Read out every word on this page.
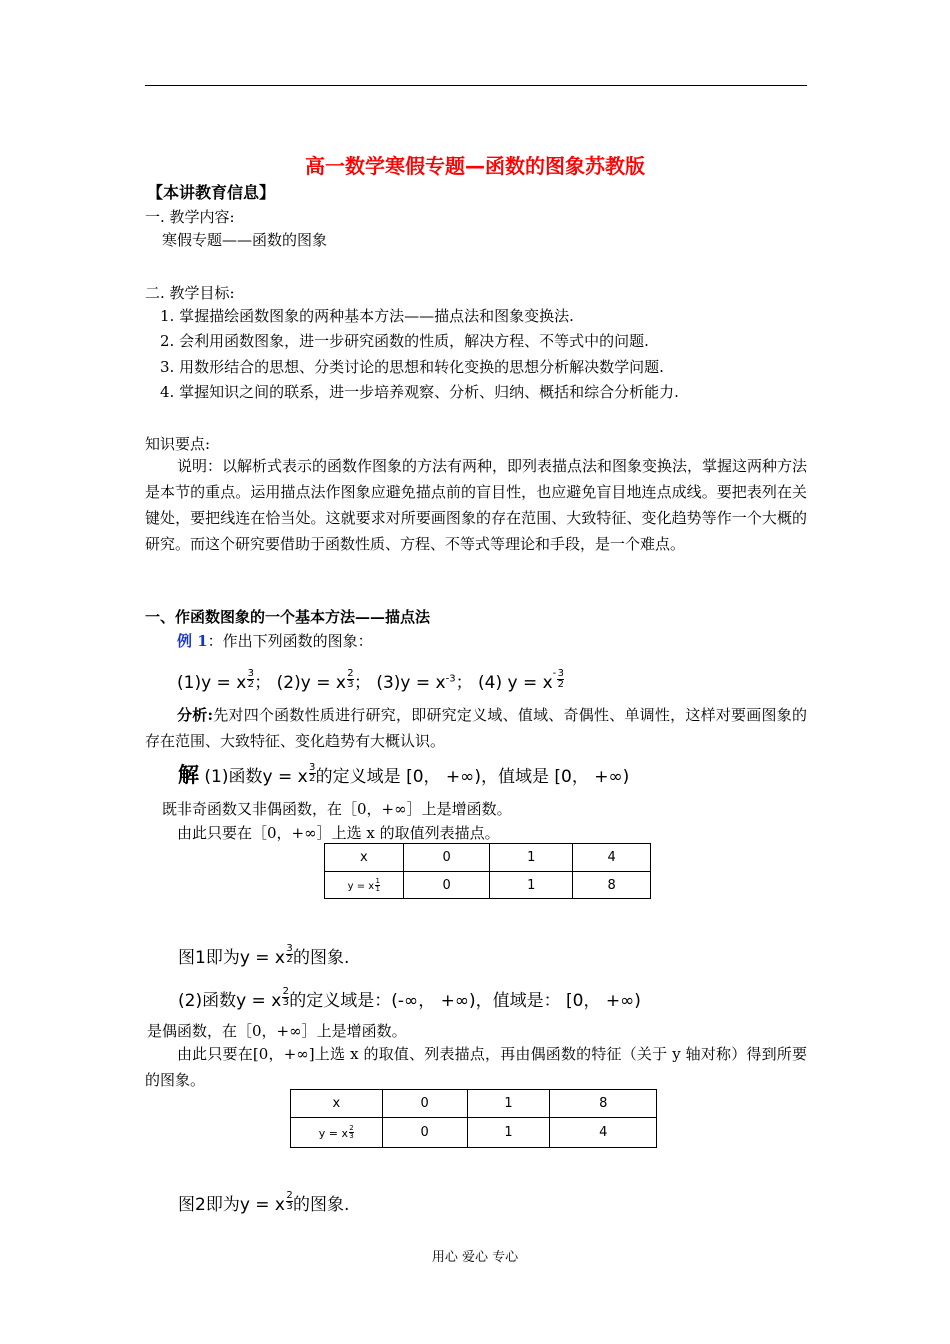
高一数学寒假专题—函数的图象苏教版
【本讲教育信息】
一. 教学内容:
寒假专题——函数的图象
二. 教学目标:
1. 掌握描绘函数图象的两种基本方法——描点法和图象变换法.
2. 会利用函数图象，进一步研究函数的性质，解决方程、不等式中的问题.
3. 用数形结合的思想、分类讨论的思想和转化变换的思想分析解决数学问题.
4. 掌握知识之间的联系，进一步培养观察、分析、归纳、概括和综合分析能力.
知识要点:
说明：以解析式表示的函数作图象的方法有两种，即列表描点法和图象变换法，掌握这两种方法是本节的重点。运用描点法作图象应避免描点前的盲目性，也应避免盲目地连点成线。要把表列在关键处，要把线连在恰当处。这就要求对所要画图象的存在范围、大致特征、变化趋势等作一个大概的研究。而这个研究要借助于函数性质、方程、不等式等理论和手段，是一个难点。
一、作函数图象的一个基本方法——描点法
例 1：作出下列函数的图象：
(1)y = x $^{\frac{3}{2}}$ ； (2)y = x $^{\frac{2}{3}}$ ； $(3)y = x^{-3}$； (4) y = x- $^{\frac{3}{2}}$
分析:先对四个函数性质进行研究，即研究定义域、值域、奇偶性、单调性，这样对要画图象的存在范围、大致特征、变化趋势有大概认识。
解 (1)函数y = x $^{\frac{3}{2}}$ 的定义域是 [0， +∞)，值域是 [0， +∞)
既非奇函数又非偶函数，在［0，+∞］上是增函数。
由此只要在［0，+∞］上选 x 的取值列表描点。
x	0	1	4
y = x $^{\frac{1}{1}}$	0	1	8
图1即为y = x $^{\frac{3}{2}}$ 的图象.
(2)函数y = x $^{\frac{2}{3}}$ 的定义域是：(-∞， +∞)，值域是： [0， +∞)
是偶函数，在［0，+∞］上是增函数。
由此只要在[0，+∞]上选 x 的取值、列表描点，再由偶函数的特征（关于 y 轴对称）得到所要的图象。
x	0	1	8
y = x $^{\frac{2}{3}}$	0	1	4
图2即为y = x $^{\frac{2}{3}}$ 的图象.
用心 爱心 专心
